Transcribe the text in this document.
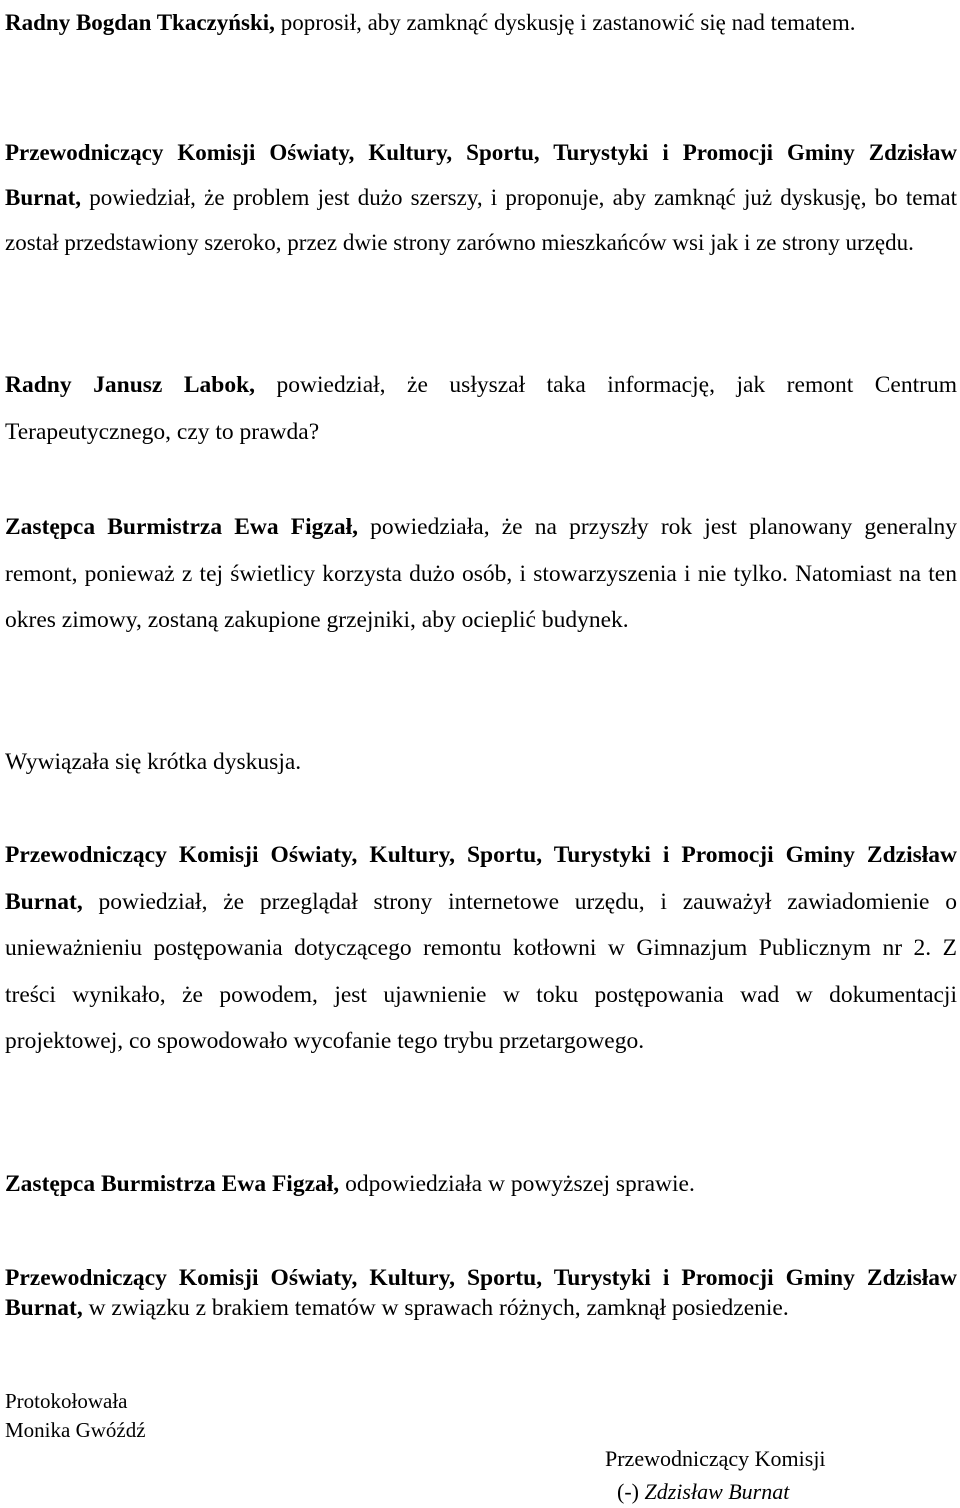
Radny Bogdan Tkaczyński, poprosił, aby zamknąć dyskusję i zastanowić się nad tematem.

Przewodniczący Komisji Oświaty, Kultury, Sportu, Turystyki i Promocji Gminy Zdzisław Burnat, powiedział, że problem jest dużo szerszy, i proponuje, aby zamknąć już dyskusję, bo temat został przedstawiony szeroko, przez dwie strony zarówno mieszkańców wsi jak i ze strony urzędu.

Radny Janusz Labok, powiedział, że usłyszał taka informację, jak remont Centrum Terapeutycznego, czy to prawda?

Zastępca Burmistrza Ewa Figzał, powiedziała, że na przyszły rok jest planowany generalny remont, ponieważ z tej świetlicy korzysta dużo osób, i stowarzyszenia i nie tylko. Natomiast na ten okres zimowy, zostaną zakupione grzejniki, aby ocieplić budynek.

Wywiązała się krótka dyskusja.

Przewodniczący Komisji Oświaty, Kultury, Sportu, Turystyki i Promocji Gminy Zdzisław Burnat, powiedział, że przeglądał strony internetowe urzędu, i zauważył zawiadomienie o unieważnieniu postępowania dotyczącego remontu kotłowni w Gimnazjum Publicznym nr 2. Z treści wynikało, że powodem, jest ujawnienie w toku postępowania wad w dokumentacji projektowej, co spowodowało wycofanie tego trybu przetargowego.

Zastępca Burmistrza Ewa Figzał, odpowiedziała w powyższej sprawie.

Przewodniczący Komisji Oświaty, Kultury, Sportu, Turystyki i Promocji Gminy Zdzisław Burnat, w związku z brakiem tematów w sprawach różnych, zamknął posiedzenie.

Protokołowała
Monika Gwóźdź
Przewodniczący Komisji
(-) Zdzisław Burnat
